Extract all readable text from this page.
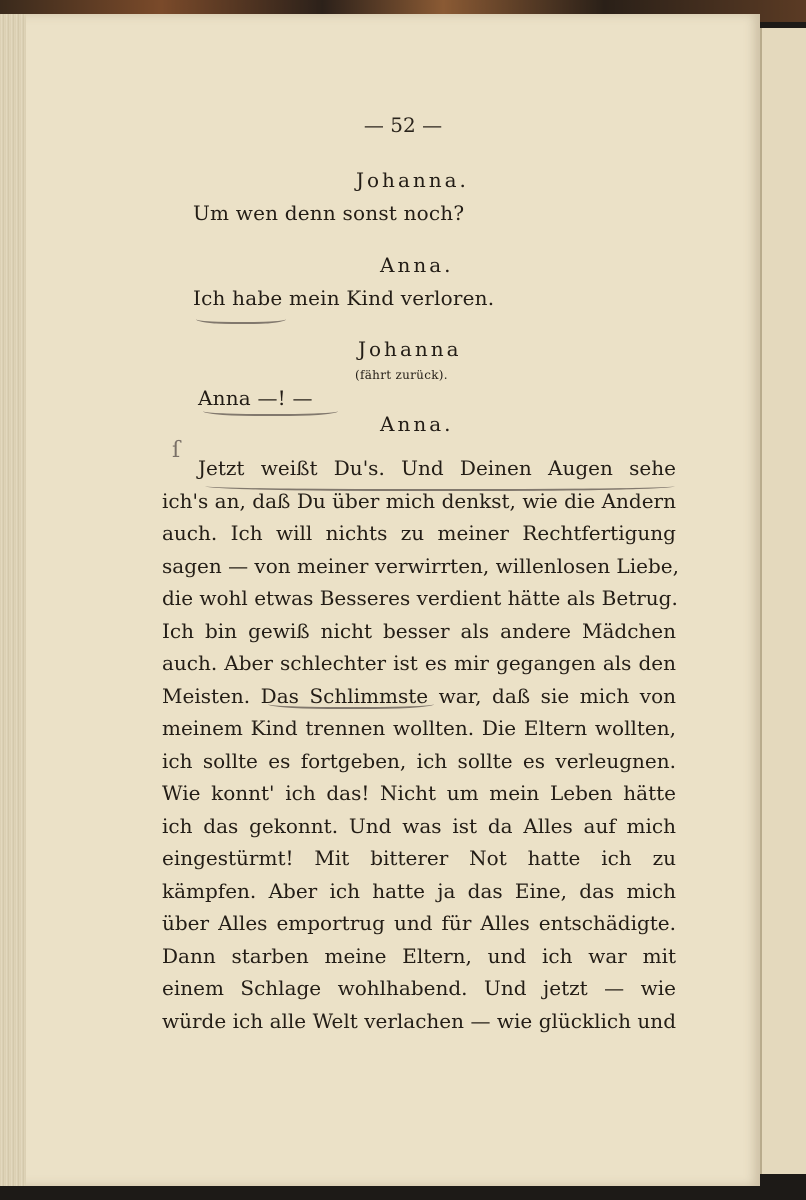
— 52 —
Johanna.
Um wen denn sonst noch?
Anna.
Ich habe mein Kind verloren.
Johanna
(fährt zurück).
Anna —! —
Anna.
Jetzt weißt Du's. Und Deinen Augen sehe
ich's an, daß Du über mich denkst, wie die Andern
auch. Ich will nichts zu meiner Rechtfertigung
sagen — von meiner verwirrten, willenlosen Liebe,
die wohl etwas Besseres verdient hätte als Betrug.
Ich bin gewiß nicht besser als andere Mädchen
auch. Aber schlechter ist es mir gegangen als den
Meisten. Das Schlimmste war, daß sie mich von
meinem Kind trennen wollten. Die Eltern wollten,
ich sollte es fortgeben, ich sollte es verleugnen.
Wie konnt' ich das! Nicht um mein Leben hätte
ich das gekonnt. Und was ist da Alles auf mich
eingestürmt! Mit bitterer Not hatte ich zu
kämpfen. Aber ich hatte ja das Eine, das mich
über Alles emportrug und für Alles entschädigte.
Dann starben meine Eltern, und ich war mit
einem Schlage wohlhabend. Und jetzt — wie
würde ich alle Welt verlachen — wie glücklich und
ſ
